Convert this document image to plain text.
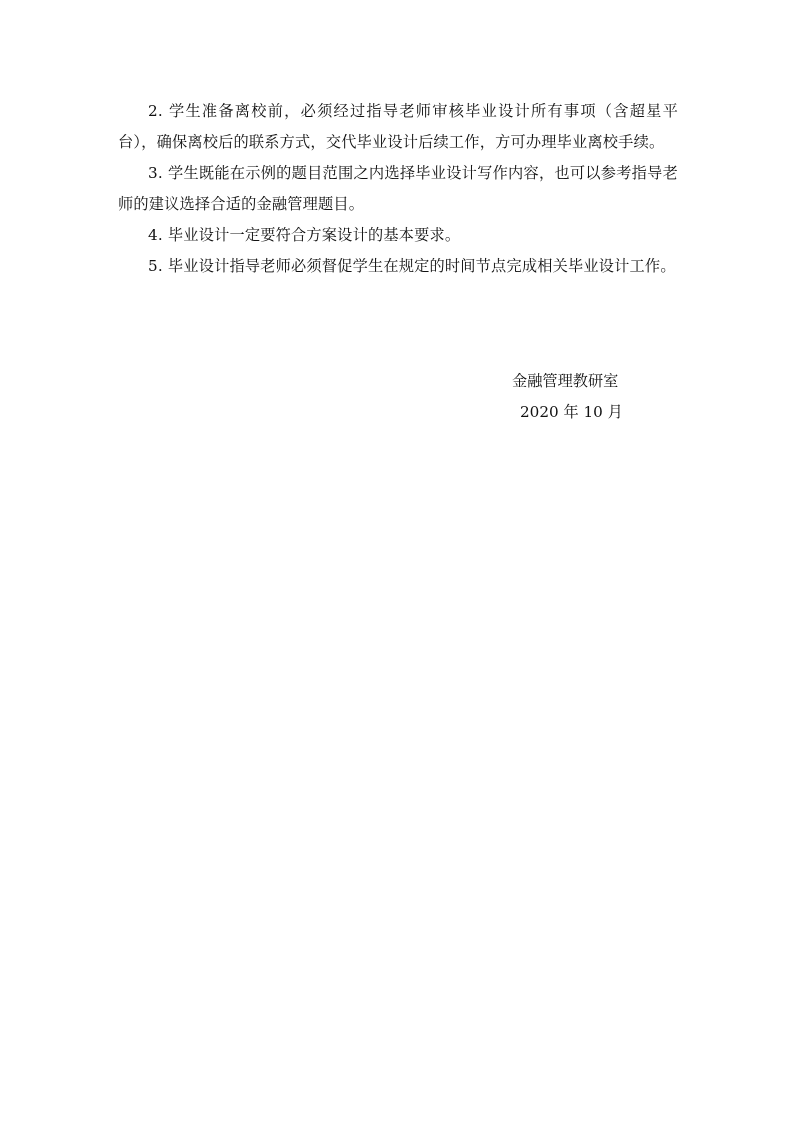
2. 学生准备离校前，必须经过指导老师审核毕业设计所有事项（含超星平台），确保离校后的联系方式，交代毕业设计后续工作，方可办理毕业离校手续。

3. 学生既能在示例的题目范围之内选择毕业设计写作内容，也可以参考指导老师的建议选择合适的金融管理题目。

4. 毕业设计一定要符合方案设计的基本要求。

5. 毕业设计指导老师必须督促学生在规定的时间节点完成相关毕业设计工作。

金融管理教研室

2020 年 10 月
